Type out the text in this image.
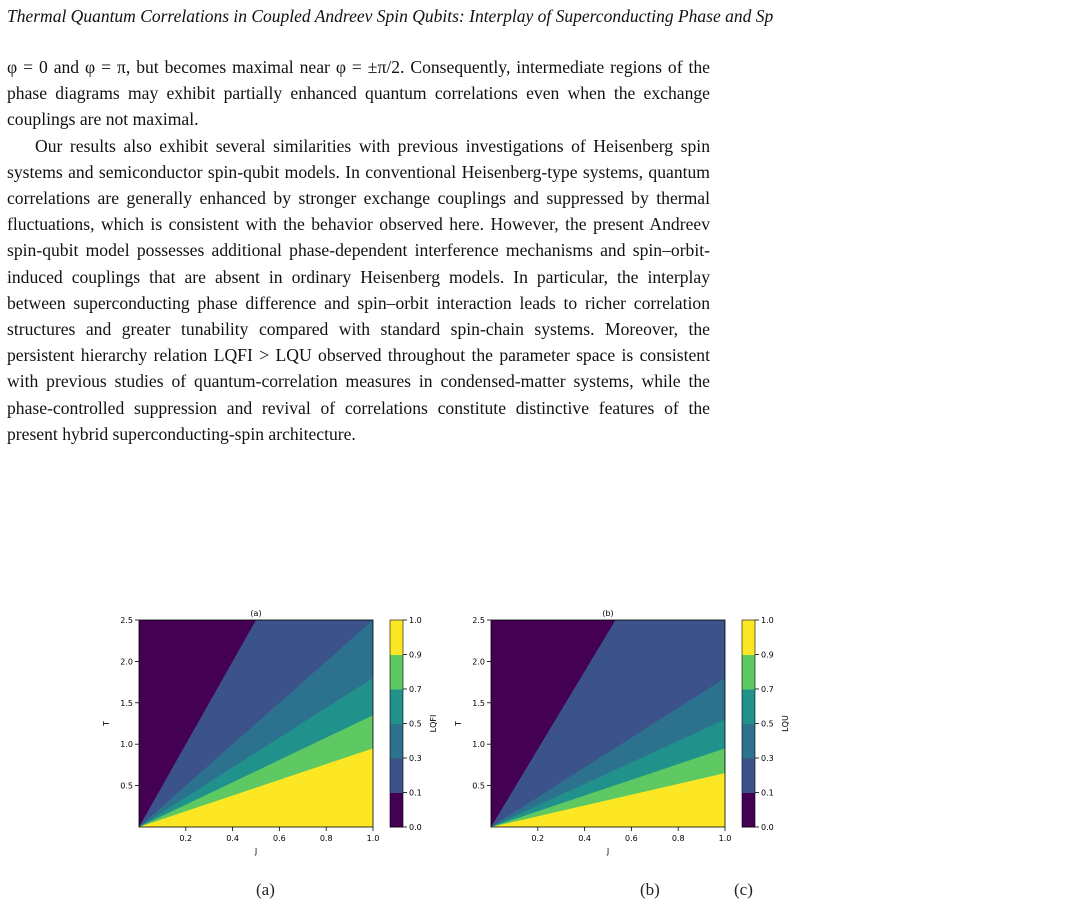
Thermal Quantum Correlations in Coupled Andreev Spin Qubits: Interplay of Superconducting Phase and Sp

φ = 0 and φ = π, but becomes maximal near φ = ±π/2. Consequently, intermediate regions of the phase diagrams may exhibit partially enhanced quantum correlations even when the exchange couplings are not maximal.

Our results also exhibit several similarities with previous investigations of Heisenberg spin systems and semiconductor spin-qubit models. In conventional Heisenberg-type systems, quantum correlations are generally enhanced by stronger exchange couplings and suppressed by thermal fluctuations, which is consistent with the behavior observed here. However, the present Andreev spin-qubit model possesses additional phase-dependent interference mechanisms and spin–orbit-induced couplings that are absent in ordinary Heisenberg models. In particular, the interplay between superconducting phase difference and spin–orbit interaction leads to richer correlation structures and greater tunability compared with standard spin-chain systems. Moreover, the persistent hierarchy relation LQFI > LQU observed throughout the parameter space is consistent with previous studies of quantum-correlation measures in condensed-matter systems, while the phase-controlled suppression and revival of correlations constitute distinctive features of the present hybrid superconducting-spin architecture.

0.2	0.4	0.6	0.8	1.0
0.5
1.0
1.5
2.0
2.5
J
T
(a)
0.0
0.1
0.3
0.5
0.7
0.9
1.0
LQFI
0.2	0.4	0.6	0.8	1.0
0.5
1.0
1.5
2.0
2.5
J
T
(b)
0.0
0.1
0.3
0.5
0.7
0.9
1.0
LQU
(a)	(b)	(c)
